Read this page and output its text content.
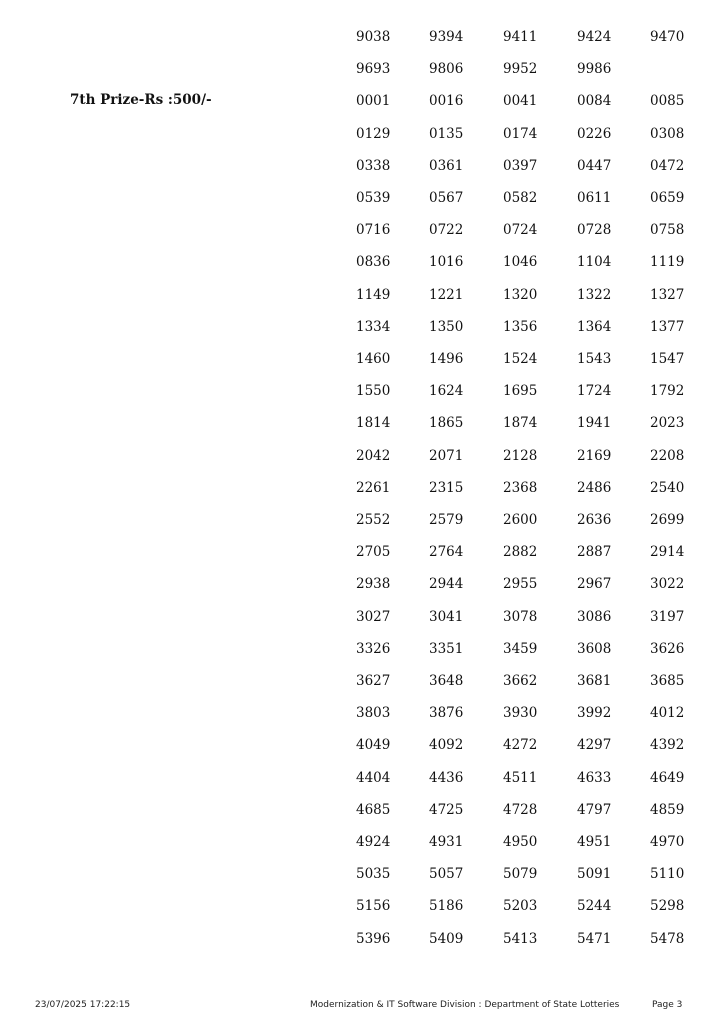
7th Prize-Rs :500/-
9038	9394	9411	9424	9470
9693	9806	9952	9986
0001	0016	0041	0084	0085
0129	0135	0174	0226	0308
0338	0361	0397	0447	0472
0539	0567	0582	0611	0659
0716	0722	0724	0728	0758
0836	1016	1046	1104	1119
1149	1221	1320	1322	1327
1334	1350	1356	1364	1377
1460	1496	1524	1543	1547
1550	1624	1695	1724	1792
1814	1865	1874	1941	2023
2042	2071	2128	2169	2208
2261	2315	2368	2486	2540
2552	2579	2600	2636	2699
2705	2764	2882	2887	2914
2938	2944	2955	2967	3022
3027	3041	3078	3086	3197
3326	3351	3459	3608	3626
3627	3648	3662	3681	3685
3803	3876	3930	3992	4012
4049	4092	4272	4297	4392
4404	4436	4511	4633	4649
4685	4725	4728	4797	4859
4924	4931	4950	4951	4970
5035	5057	5079	5091	5110
5156	5186	5203	5244	5298
5396	5409	5413	5471	5478
23/07/2025 17:22:15	Modernization & IT Software Division : Department of State Lotteries	Page 3
